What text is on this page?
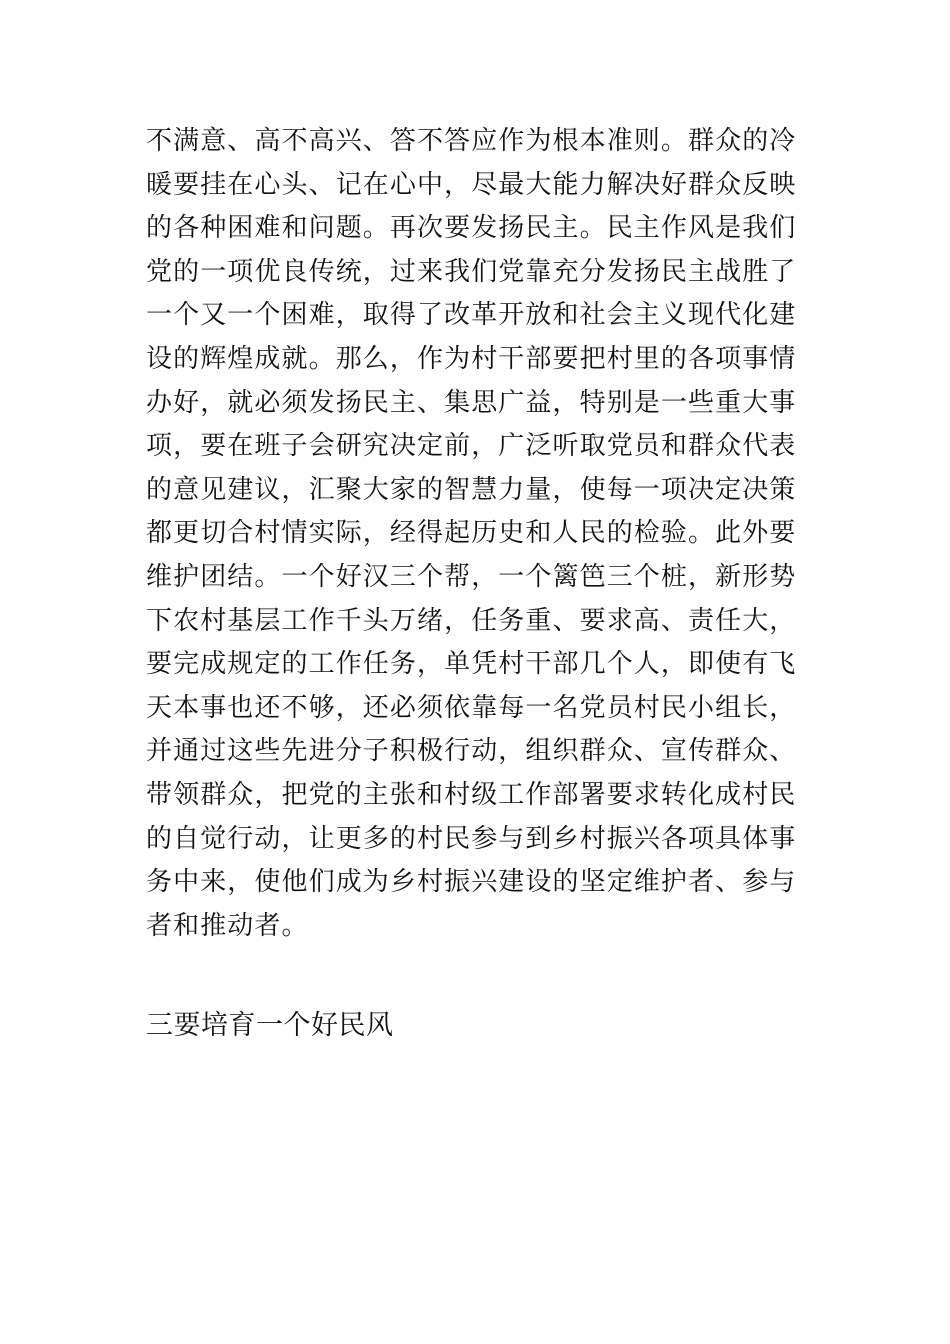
不满意、高不高兴、答不答应作为根本准则。群众的冷
暖要挂在心头、记在心中，尽最大能力解决好群众反映
的各种困难和问题。再次要发扬民主。民主作风是我们
党的一项优良传统，过来我们党靠充分发扬民主战胜了
一个又一个困难，取得了改革开放和社会主义现代化建
设的辉煌成就。那么，作为村干部要把村里的各项事情
办好，就必须发扬民主、集思广益，特别是一些重大事
项，要在班子会研究决定前，广泛听取党员和群众代表
的意见建议，汇聚大家的智慧力量，使每一项决定决策
都更切合村情实际，经得起历史和人民的检验。此外要
维护团结。一个好汉三个帮，一个篱笆三个桩，新形势
下农村基层工作千头万绪，任务重、要求高、责任大，
要完成规定的工作任务，单凭村干部几个人，即使有飞
天本事也还不够，还必须依靠每一名党员村民小组长，
并通过这些先进分子积极行动，组织群众、宣传群众、
带领群众，把党的主张和村级工作部署要求转化成村民
的自觉行动，让更多的村民参与到乡村振兴各项具体事
务中来，使他们成为乡村振兴建设的坚定维护者、参与
者和推动者。
三要培育一个好民风
